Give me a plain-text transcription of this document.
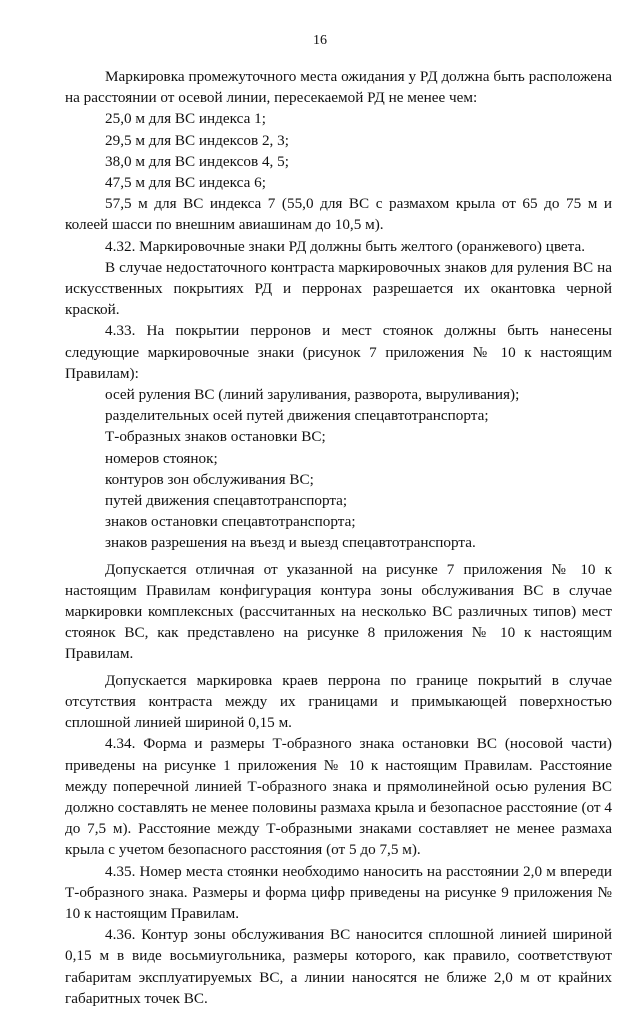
16

Маркировка промежуточного места ожидания у РД должна быть расположена на расстоянии от осевой линии, пересекаемой РД не менее чем:

25,0 м для ВС индекса 1;

29,5 м для ВС индексов 2, 3;

38,0 м для ВС индексов 4, 5;

47,5 м для ВС индекса 6;

57,5 м для ВС индекса 7 (55,0 для ВС с размахом крыла от 65 до 75 м и колеей шасси по внешним авиашинам до 10,5 м).

4.32. Маркировочные знаки РД должны быть желтого (оранжевого) цвета.

В случае недостаточного контраста маркировочных знаков для руления ВС на искусственных покрытиях РД и перронах разрешается их окантовка черной краской.

4.33. На покрытии перронов и мест стоянок должны быть нанесены следующие маркировочные знаки (рисунок 7 приложения № 10 к настоящим Правилам):

осей руления ВС (линий заруливания, разворота, выруливания);

разделительных осей путей движения спецавтотранспорта;

Т-образных знаков остановки ВС;

номеров стоянок;

контуров зон обслуживания ВС;

путей движения спецавтотранспорта;

знаков остановки спецавтотранспорта;

знаков разрешения на въезд и выезд спецавтотранспорта.

Допускается отличная от указанной на рисунке 7 приложения № 10 к настоящим Правилам конфигурация контура зоны обслуживания ВС в случае маркировки комплексных (рассчитанных на несколько ВС различных типов) мест стоянок ВС, как представлено на рисунке 8 приложения № 10 к настоящим Правилам.

Допускается маркировка краев перрона по границе покрытий в случае отсутствия контраста между их границами и примыкающей поверхностью сплошной линией шириной 0,15 м.

4.34. Форма и размеры Т-образного знака остановки ВС (носовой части) приведены на рисунке 1 приложения № 10 к настоящим Правилам. Расстояние между поперечной линией Т-образного знака и прямолинейной осью руления ВС должно составлять не менее половины размаха крыла и безопасное расстояние (от 4 до 7,5 м). Расстояние между Т-образными знаками составляет не менее размаха крыла с учетом безопасного расстояния (от 5 до 7,5 м).

4.35. Номер места стоянки необходимо наносить на расстоянии 2,0 м впереди Т-образного знака. Размеры и форма цифр приведены на рисунке 9 приложения № 10 к настоящим Правилам.

4.36. Контур зоны обслуживания ВС наносится сплошной линией шириной 0,15 м в виде восьмиугольника, размеры которого, как правило, соответствуют габаритам эксплуатируемых ВС, а линии наносятся не ближе 2,0 м от крайних габаритных точек ВС.
